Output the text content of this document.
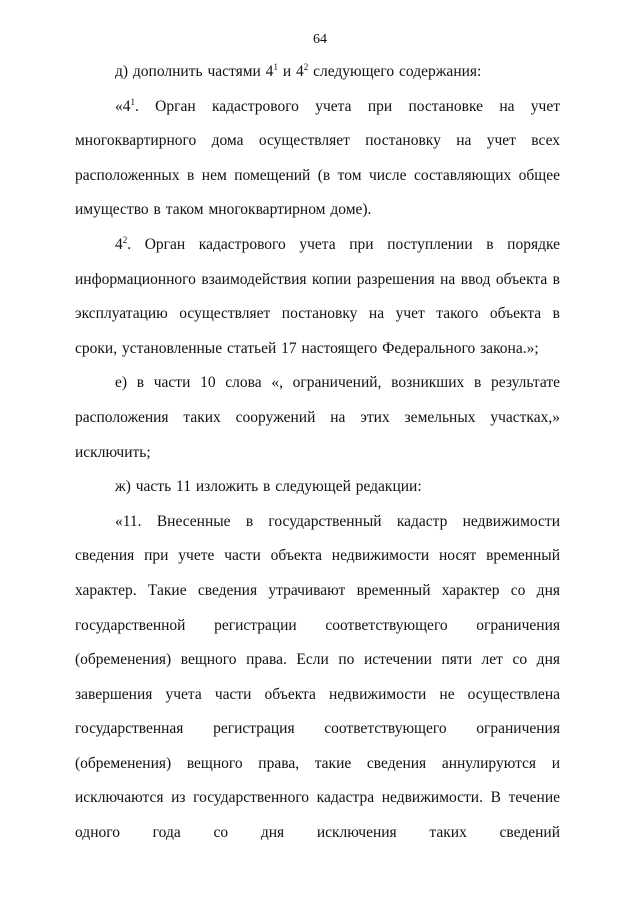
64

д) дополнить частями $4^1$ и $4^2$ следующего содержания:

«$4^1$. Орган кадастрового учета при постановке на учет многоквартирного дома осуществляет постановку на учет всех расположенных в нем помещений (в том числе составляющих общее имущество в таком многоквартирном доме).

$4^2$. Орган кадастрового учета при поступлении в порядке информационного взаимодействия копии разрешения на ввод объекта в эксплуатацию осуществляет постановку на учет такого объекта в сроки, установленные статьей 17 настоящего Федерального закона.»;

е) в части 10 слова «, ограничений, возникших в результате расположения таких сооружений на этих земельных участках,» исключить;

ж) часть 11 изложить в следующей редакции:

«11. Внесенные в государственный кадастр недвижимости сведения при учете части объекта недвижимости носят временный характер. Такие сведения утрачивают временный характер со дня государственной регистрации соответствующего ограничения (обременения) вещного права. Если по истечении пяти лет со дня завершения учета части объекта недвижимости не осуществлена государственная регистрация соответствующего ограничения (обременения) вещного права, такие сведения аннулируются и исключаются из государственного кадастра недвижимости. В течение одного года со дня исключения таких сведений
